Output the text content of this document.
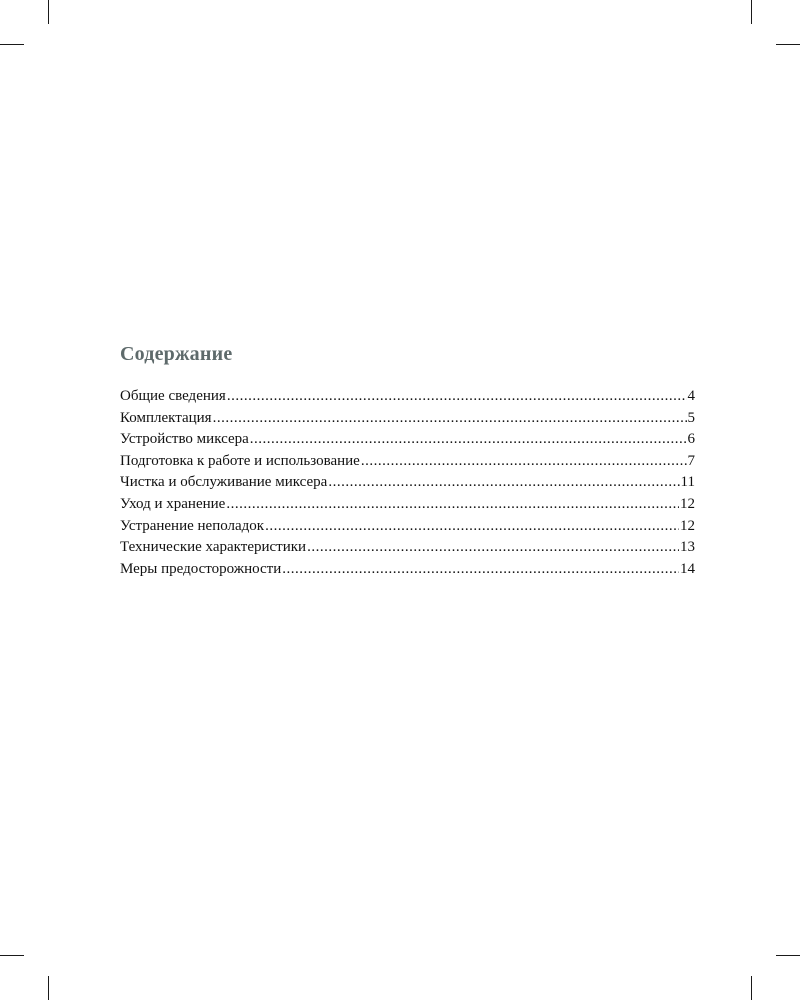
Содержание
Общие сведения .....	4
Комплектация .....	5
Устройство миксера .....	6
Подготовка к работе и использование .....	7
Чистка и обслуживание миксера .....	11
Уход и хранение .....	12
Устранение неполадок .....	12
Технические характеристики .....	13
Меры предосторожности .....	14
